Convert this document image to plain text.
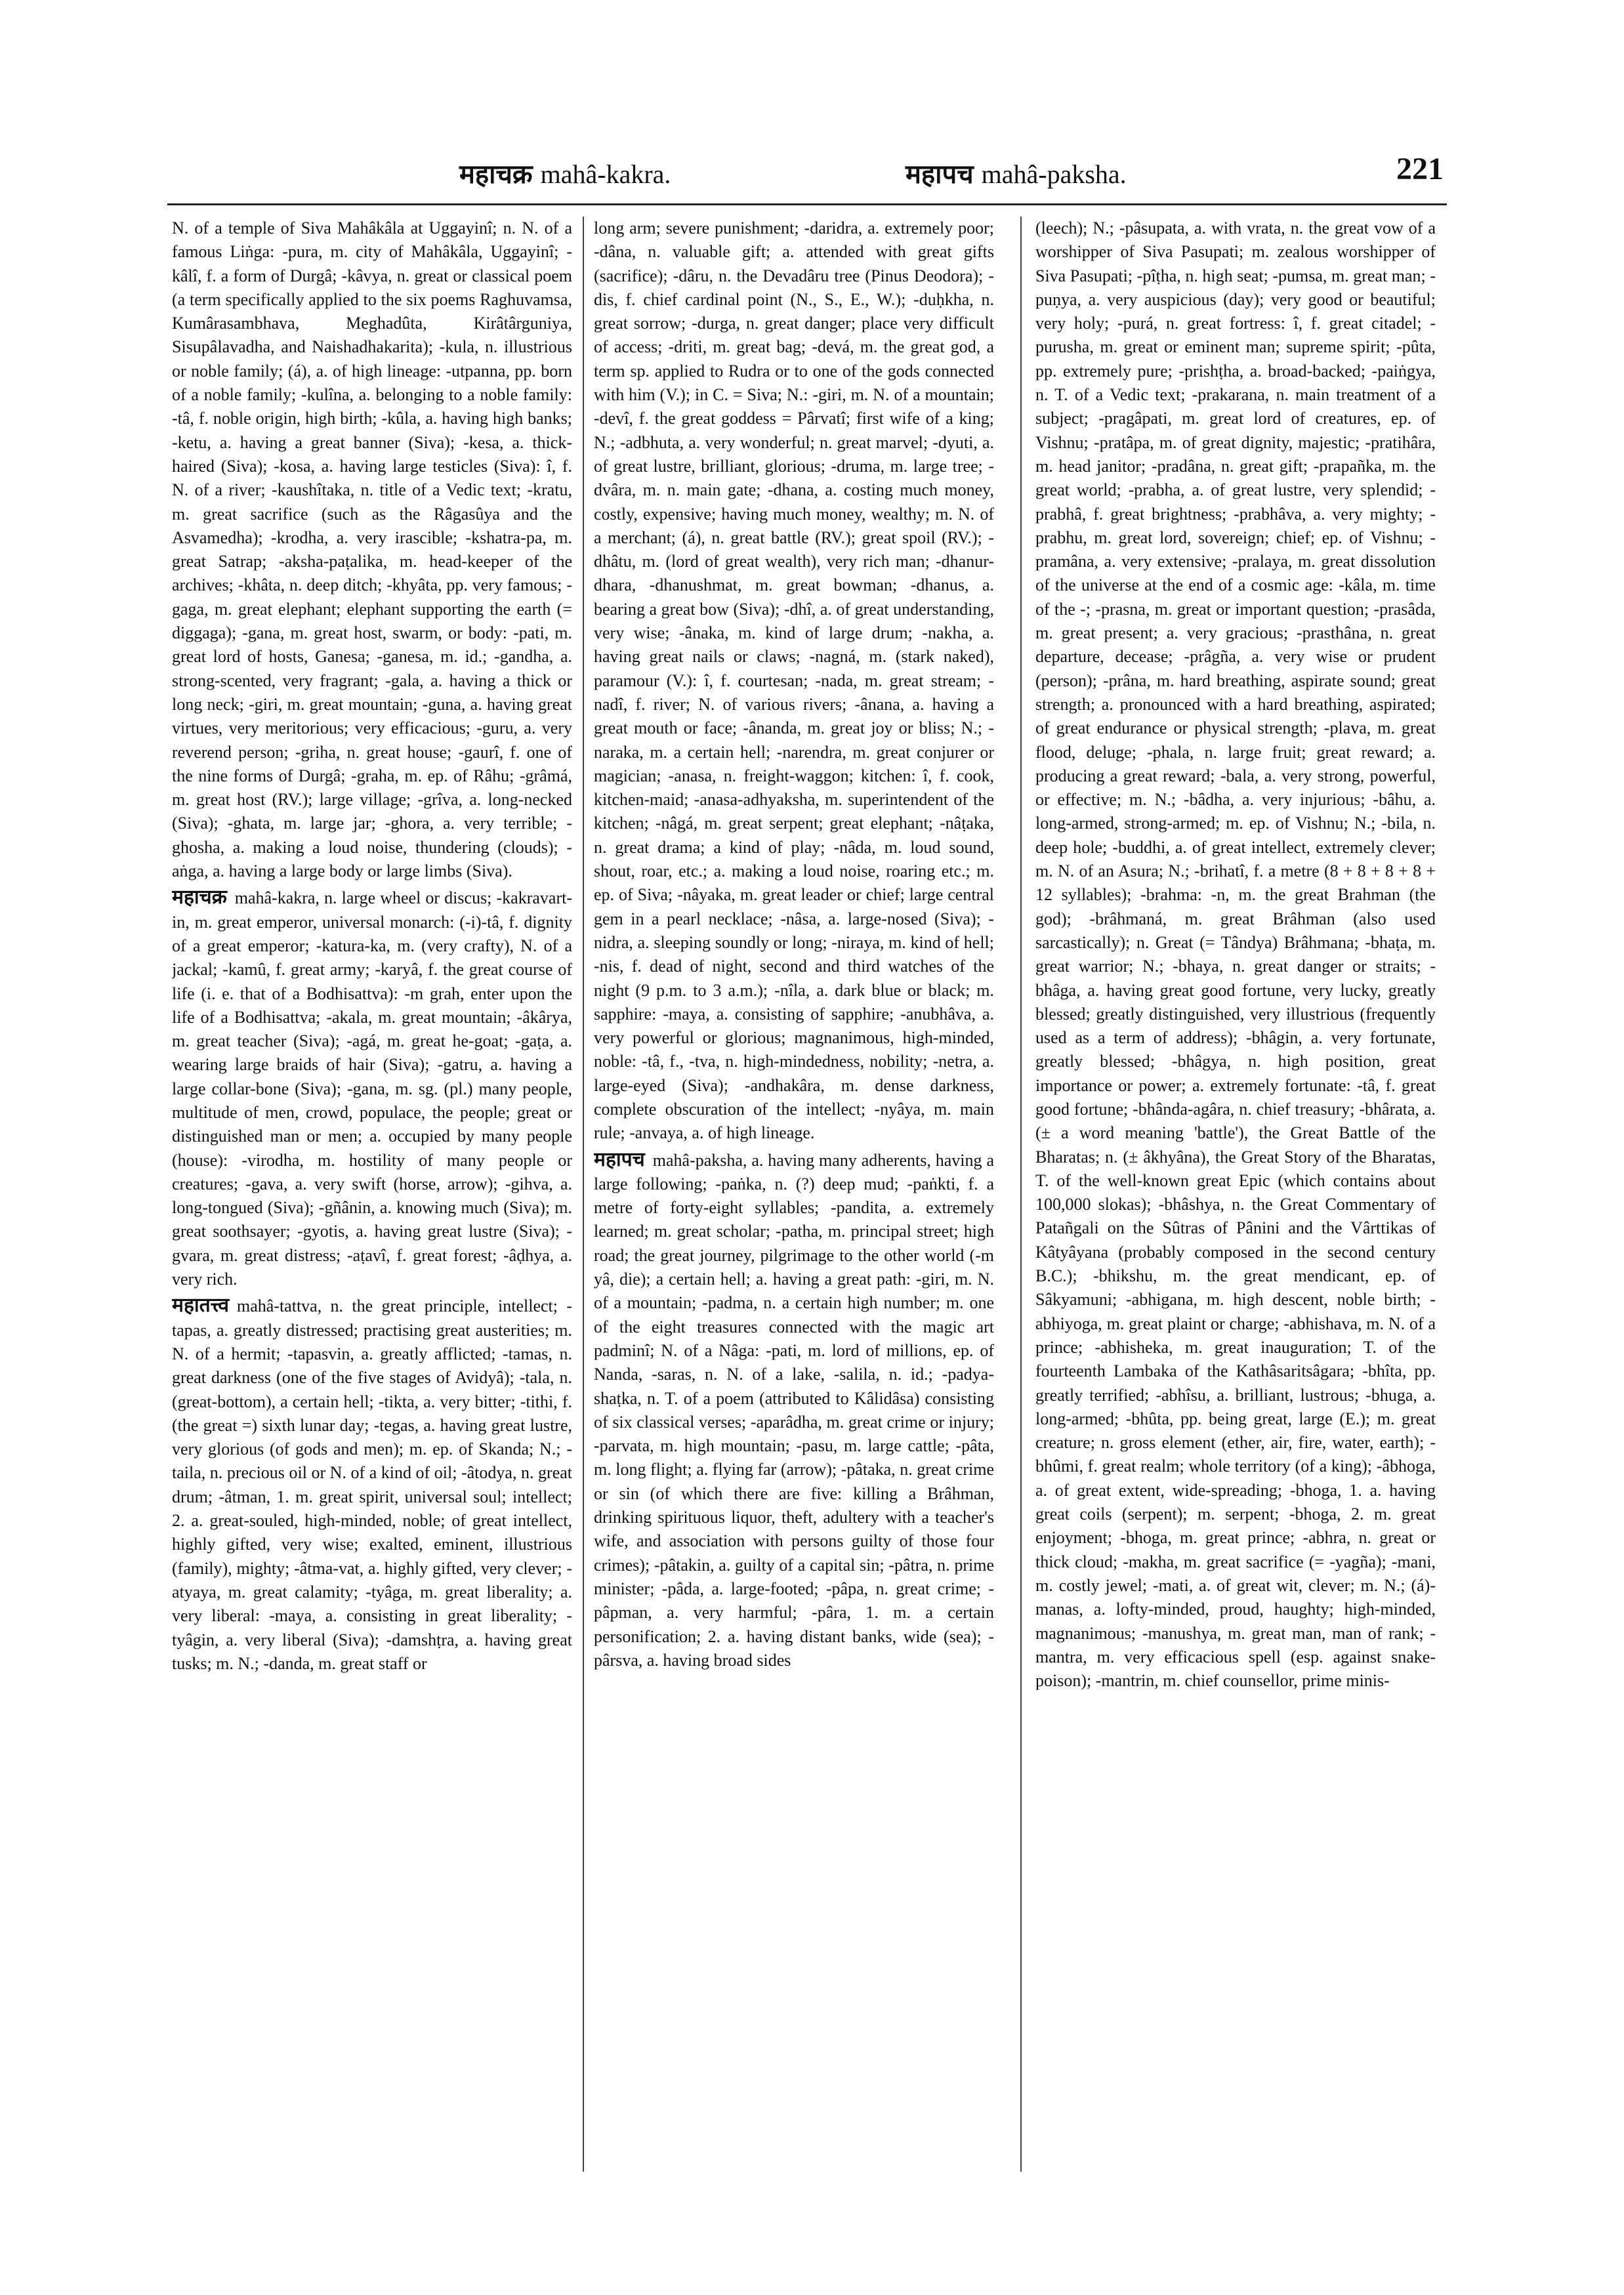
महाचक्र mahâ-kakra.	महापच mahâ-paksha.	221

N. of a temple of Siva Mahâkâla at Uggayinî; n. N. of a famous Liṅga: -pura, m. city of Mahâkâla, Uggayinî; -kâlî, f. a form of Durgâ; -kâvya, n. great or classical poem (a term specifically applied to the six poems Raghuvamsa, Kumârasambhava, Meghadûta, Kirâtârguniya, Sisupâlavadha, and Naishadhakarita); -kula, n. illustrious or noble family; (á), a. of high lineage: -utpanna, pp. born of a noble family; -kulîna, a. belonging to a noble family: -tâ, f. noble origin, high birth; -kûla, a. having high banks; -ketu, a. having a great banner (Siva); -kesa, a. thick-haired (Siva); -kosa, a. having large testicles (Siva): î, f. N. of a river; -kaushîtaka, n. title of a Vedic text; -kratu, m. great sacrifice (such as the Râgasûya and the Asvamedha); -krodha, a. very irascible; -kshatra-pa, m. great Satrap; -aksha-paṭalika, m. head-keeper of the archives; -khâta, n. deep ditch; -khyâta, pp. very famous; -gaga, m. great elephant; elephant supporting the earth (= diggaga); -gana, m. great host, swarm, or body: -pati, m. great lord of hosts, Ganesa; -ganesa, m. id.; -gandha, a. strong-scented, very fragrant; -gala, a. having a thick or long neck; -giri, m. great mountain; -guna, a. having great virtues, very meritorious; very efficacious; -guru, a. very reverend person; -griha, n. great house; -gaurî, f. one of the nine forms of Durgâ; -graha, m. ep. of Râhu; -grâmá, m. great host (RV.); large village; -grîva, a. long-necked (Siva); -ghata, m. large jar; -ghora, a. very terrible; -ghosha, a. making a loud noise, thundering (clouds); -aṅga, a. having a large body or large limbs (Siva).

महाचक्र mahâ-kakra, n. large wheel or discus; -kakravart-in, m. great emperor, universal monarch: (-i)-tâ, f. dignity of a great emperor; -katura-ka, m. (very crafty), N. of a jackal; -kamû, f. great army; -karyâ, f. the great course of life (i. e. that of a Bodhisattva): -m grah, enter upon the life of a Bodhisattva; -akala, m. great mountain; -âkârya, m. great teacher (Siva); -agá, m. great he-goat; -gaṭa, a. wearing large braids of hair (Siva); -gatru, a. having a large collar-bone (Siva); -gana, m. sg. (pl.) many people, multitude of men, crowd, populace, the people; great or distinguished man or men; a. occupied by many people (house): -virodha, m. hostility of many people or creatures; -gava, a. very swift (horse, arrow); -gihva, a. long-tongued (Siva); -gñânin, a. knowing much (Siva); m. great soothsayer; -gyotis, a. having great lustre (Siva); -gvara, m. great distress; -aṭavî, f. great forest; -âḍhya, a. very rich.

महातत्त्व mahâ-tattva, n. the great principle, intellect; -tapas, a. greatly distressed; practising great austerities; m. N. of a hermit; -tapasvin, a. greatly afflicted; -tamas, n. great darkness (one of the five stages of Avidyâ); -tala, n. (great-bottom), a certain hell; -tikta, a. very bitter; -tithi, f. (the great =) sixth lunar day; -tegas, a. having great lustre, very glorious (of gods and men); m. ep. of Skanda; N.; -taila, n. precious oil or N. of a kind of oil; -âtodya, n. great drum; -âtman, 1. m. great spirit, universal soul; intellect; 2. a. great-souled, high-minded, noble; of great intellect, highly gifted, very wise; exalted, eminent, illustrious (family), mighty; -âtma-vat, a. highly gifted, very clever; -atyaya, m. great calamity; -tyâga, m. great liberality; a. very liberal: -maya, a. consisting in great liberality; -tyâgin, a. very liberal (Siva); -damshṭra, a. having great tusks; m. N.; -danda, m. great staff or

long arm; severe punishment; -daridra, a. extremely poor; -dâna, n. valuable gift; a. attended with great gifts (sacrifice); -dâru, n. the Devadâru tree (Pinus Deodora); -dis, f. chief cardinal point (N., S., E., W.); -duḥkha, n. great sorrow; -durga, n. great danger; place very difficult of access; -driti, m. great bag; -devá, m. the great god, a term sp. applied to Rudra or to one of the gods connected with him (V.); in C. = Siva; N.: -giri, m. N. of a mountain; -devî, f. the great goddess = Pârvatî; first wife of a king; N.; -adbhuta, a. very wonderful; n. great marvel; -dyuti, a. of great lustre, brilliant, glorious; -druma, m. large tree; -dvâra, m. n. main gate; -dhana, a. costing much money, costly, expensive; having much money, wealthy; m. N. of a merchant; (á), n. great battle (RV.); great spoil (RV.); -dhâtu, m. (lord of great wealth), very rich man; -dhanur-dhara, -dhanushmat, m. great bowman; -dhanus, a. bearing a great bow (Siva); -dhî, a. of great understanding, very wise; -ânaka, m. kind of large drum; -nakha, a. having great nails or claws; -nagná, m. (stark naked), paramour (V.): î, f. courtesan; -nada, m. great stream; -nadî, f. river; N. of various rivers; -ânana, a. having a great mouth or face; -ânanda, m. great joy or bliss; N.; -naraka, m. a certain hell; -narendra, m. great conjurer or magician; -anasa, n. freight-waggon; kitchen: î, f. cook, kitchen-maid; -anasa-adhyaksha, m. superintendent of the kitchen; -nâgá, m. great serpent; great elephant; -nâṭaka, n. great drama; a kind of play; -nâda, m. loud sound, shout, roar, etc.; a. making a loud noise, roaring etc.; m. ep. of Siva; -nâyaka, m. great leader or chief; large central gem in a pearl necklace; -nâsa, a. large-nosed (Siva); -nidra, a. sleeping soundly or long; -niraya, m. kind of hell; -nis, f. dead of night, second and third watches of the night (9 p.m. to 3 a.m.); -nîla, a. dark blue or black; m. sapphire: -maya, a. consisting of sapphire; -anubhâva, a. very powerful or glorious; magnanimous, high-minded, noble: -tâ, f., -tva, n. high-mindedness, nobility; -netra, a. large-eyed (Siva); -andhakâra, m. dense darkness, complete obscuration of the intellect; -nyâya, m. main rule; -anvaya, a. of high lineage.

महापच mahâ-paksha, a. having many adherents, having a large following; -paṅka, n. (?) deep mud; -paṅkti, f. a metre of forty-eight syllables; -pandita, a. extremely learned; m. great scholar; -patha, m. principal street; high road; the great journey, pilgrimage to the other world (-m yâ, die); a certain hell; a. having a great path: -giri, m. N. of a mountain; -padma, n. a certain high number; m. one of the eight treasures connected with the magic art padminî; N. of a Nâga: -pati, m. lord of millions, ep. of Nanda, -saras, n. N. of a lake, -salila, n. id.; -padya-shaṭka, n. T. of a poem (attributed to Kâlidâsa) consisting of six classical verses; -aparâdha, m. great crime or injury; -parvata, m. high mountain; -pasu, m. large cattle; -pâta, m. long flight; a. flying far (arrow); -pâtaka, n. great crime or sin (of which there are five: killing a Brâhman, drinking spirituous liquor, theft, adultery with a teacher's wife, and association with persons guilty of those four crimes); -pâtakin, a. guilty of a capital sin; -pâtra, n. prime minister; -pâda, a. large-footed; -pâpa, n. great crime; -pâpman, a. very harmful; -pâra, 1. m. a certain personification; 2. a. having distant banks, wide (sea); -pârsva, a. having broad sides

(leech); N.; -pâsupata, a. with vrata, n. the great vow of a worshipper of Siva Pasupati; m. zealous worshipper of Siva Pasupati; -pîṭha, n. high seat; -pumsa, m. great man; -puṇya, a. very auspicious (day); very good or beautiful; very holy; -purá, n. great fortress: î, f. great citadel; -purusha, m. great or eminent man; supreme spirit; -pûta, pp. extremely pure; -prishṭha, a. broad-backed; -paiṅgya, n. T. of a Vedic text; -prakarana, n. main treatment of a subject; -pragâpati, m. great lord of creatures, ep. of Vishnu; -pratâpa, m. of great dignity, majestic; -pratihâra, m. head janitor; -pradâna, n. great gift; -prapañka, m. the great world; -prabha, a. of great lustre, very splendid; -prabhâ, f. great brightness; -prabhâva, a. very mighty; -prabhu, m. great lord, sovereign; chief; ep. of Vishnu; -pramâna, a. very extensive; -pralaya, m. great dissolution of the universe at the end of a cosmic age: -kâla, m. time of the -; -prasna, m. great or important question; -prasâda, m. great present; a. very gracious; -prasthâna, n. great departure, decease; -prâgña, a. very wise or prudent (person); -prâna, m. hard breathing, aspirate sound; great strength; a. pronounced with a hard breathing, aspirated; of great endurance or physical strength; -plava, m. great flood, deluge; -phala, n. large fruit; great reward; a. producing a great reward; -bala, a. very strong, powerful, or effective; m. N.; -bâdha, a. very injurious; -bâhu, a. long-armed, strong-armed; m. ep. of Vishnu; N.; -bila, n. deep hole; -buddhi, a. of great intellect, extremely clever; m. N. of an Asura; N.; -brihatî, f. a metre (8 + 8 + 8 + 8 + 12 syllables); -brahma: -n, m. the great Brahman (the god); -brâhmaná, m. great Brâhman (also used sarcastically); n. Great (= Tândya) Brâhmana; -bhaṭa, m. great warrior; N.; -bhaya, n. great danger or straits; -bhâga, a. having great good fortune, very lucky, greatly blessed; greatly distinguished, very illustrious (frequently used as a term of address); -bhâgin, a. very fortunate, greatly blessed; -bhâgya, n. high position, great importance or power; a. extremely fortunate: -tâ, f. great good fortune; -bhânda-agâra, n. chief treasury; -bhârata, a. (± a word meaning 'battle'), the Great Battle of the Bharatas; n. (± âkhyâna), the Great Story of the Bharatas, T. of the well-known great Epic (which contains about 100,000 slokas); -bhâshya, n. the Great Commentary of Patañgali on the Sûtras of Pânini and the Vârttikas of Kâtyâyana (probably composed in the second century B.C.); -bhikshu, m. the great mendicant, ep. of Sâkyamuni; -abhigana, m. high descent, noble birth; -abhiyoga, m. great plaint or charge; -abhishava, m. N. of a prince; -abhisheka, m. great inauguration; T. of the fourteenth Lambaka of the Kathâsaritsâgara; -bhîta, pp. greatly terrified; -abhîsu, a. brilliant, lustrous; -bhuga, a. long-armed; -bhûta, pp. being great, large (E.); m. great creature; n. gross element (ether, air, fire, water, earth); -bhûmi, f. great realm; whole territory (of a king); -âbhoga, a. of great extent, wide-spreading; -bhoga, 1. a. having great coils (serpent); m. serpent; -bhoga, 2. m. great enjoyment; -bhoga, m. great prince; -abhra, n. great or thick cloud; -makha, m. great sacrifice (= -yagña); -mani, m. costly jewel; -mati, a. of great wit, clever; m. N.; (á)-manas, a. lofty-minded, proud, haughty; high-minded, magnanimous; -manushya, m. great man, man of rank; -mantra, m. very efficacious spell (esp. against snake-poison); -mantrin, m. chief counsellor, prime minis-
